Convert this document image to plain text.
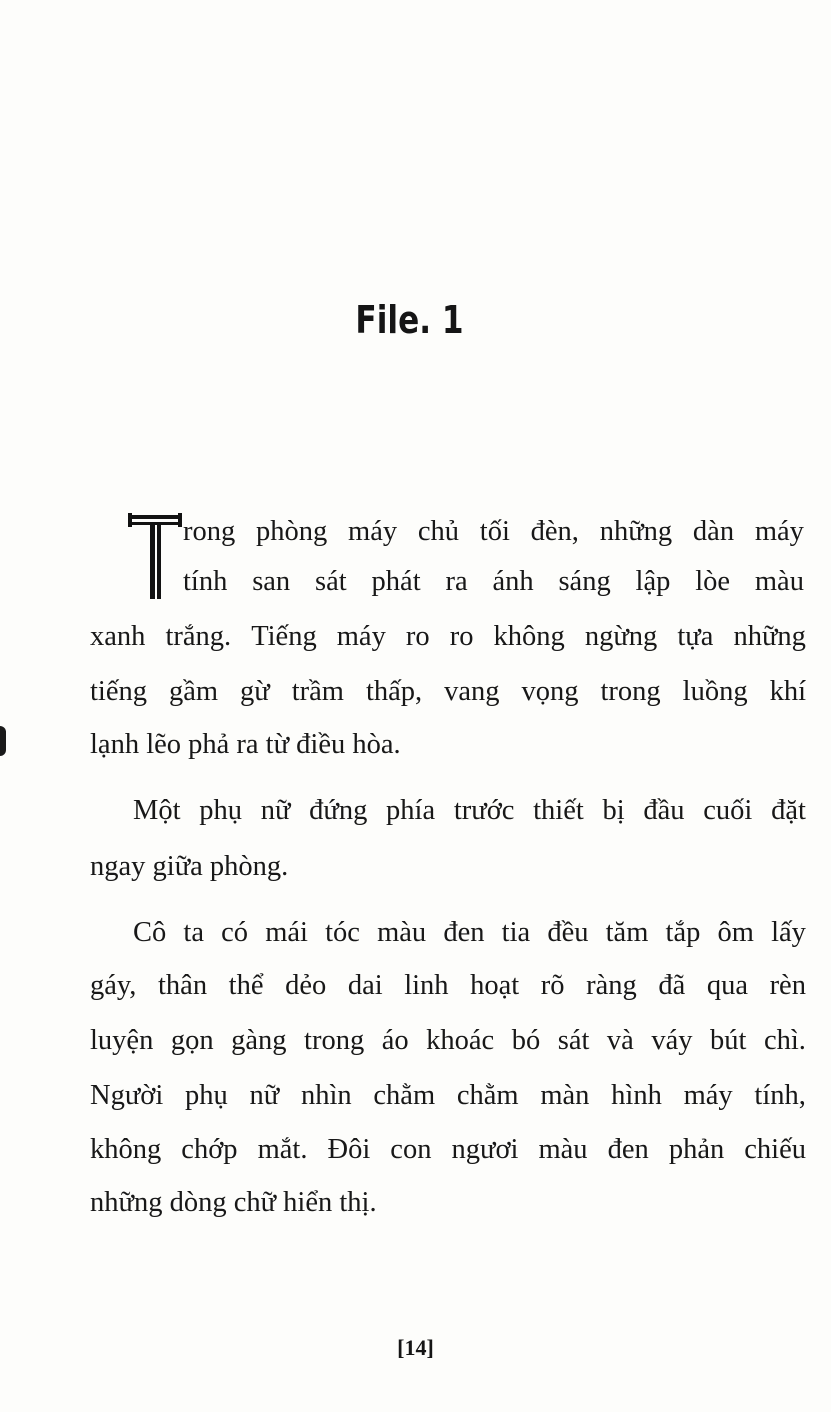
File. 1
rong phòng máy chủ tối đèn, những dàn máy
tính san sát phát ra ánh sáng lập lòe màu
xanh trắng. Tiếng máy ro ro không ngừng tựa những
tiếng gầm gừ trầm thấp, vang vọng trong luồng khí
lạnh lẽo phả ra từ điều hòa.
Một phụ nữ đứng phía trước thiết bị đầu cuối đặt
ngay giữa phòng.
Cô ta có mái tóc màu đen tia đều tăm tắp ôm lấy
gáy, thân thể dẻo dai linh hoạt rõ ràng đã qua rèn
luyện gọn gàng trong áo khoác bó sát và váy bút chì.
Người phụ nữ nhìn chằm chằm màn hình máy tính,
không chớp mắt. Đôi con ngươi màu đen phản chiếu
những dòng chữ hiển thị.
[14]
